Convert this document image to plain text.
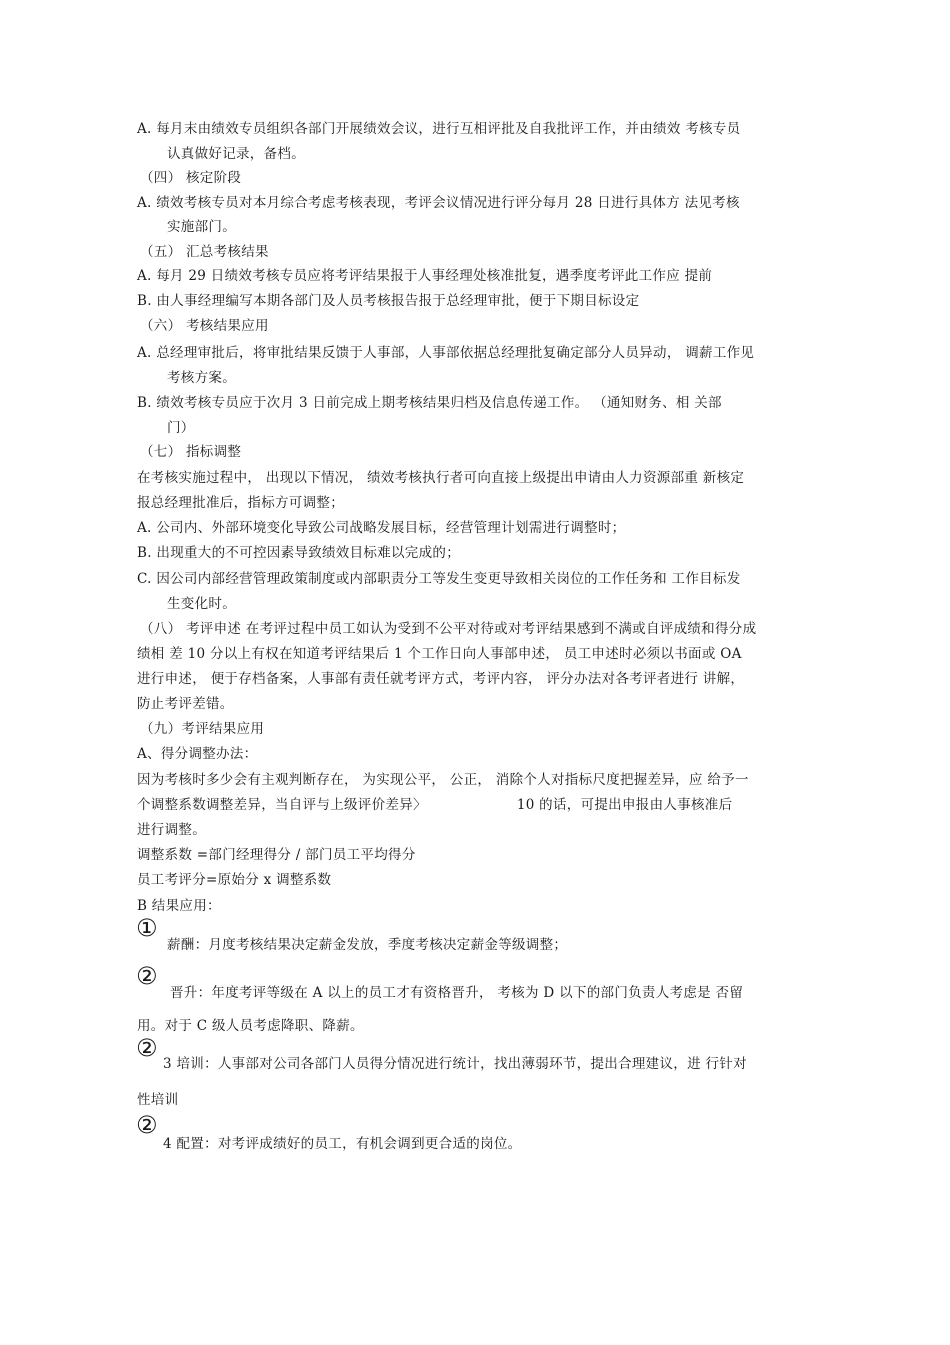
A. 每月末由绩效专员组织各部门开展绩效会议，进行互相评批及自我批评工作，并由绩效 考核专员
认真做好记录，备档。
（四） 核定阶段
A. 绩效考核专员对本月综合考虑考核表现，考评会议情况进行评分每月 28 日进行具体方 法见考核
实施部门。
（五） 汇总考核结果
A. 每月 29 日绩效考核专员应将考评结果报于人事经理处核准批复，遇季度考评此工作应 提前
B. 由人事经理编写本期各部门及人员考核报告报于总经理审批，便于下期目标设定
（六） 考核结果应用
A. 总经理审批后，将审批结果反馈于人事部，人事部依据总经理批复确定部分人员异动， 调薪工作见
考核方案。
B. 绩效考核专员应于次月 3 日前完成上期考核结果归档及信息传递工作。 （通知财务、相 关部
门）
（七） 指标调整
在考核实施过程中， 出现以下情况， 绩效考核执行者可向直接上级提出申请由人力资源部重 新核定
报总经理批准后，指标方可调整；
A. 公司内、外部环境变化导致公司战略发展目标，经营管理计划需进行调整时；
B. 出现重大的不可控因素导致绩效目标难以完成的；
C. 因公司内部经营管理政策制度或内部职责分工等发生变更导致相关岗位的工作任务和 工作目标发
生变化时。
（八） 考评申述 在考评过程中员工如认为受到不公平对待或对考评结果感到不满或自评成绩和得分成
绩相 差 10 分以上有权在知道考评结果后 1 个工作日向人事部申述， 员工申述时必须以书面或 OA
进行申述， 便于存档备案，人事部有责任就考评方式，考评内容， 评分办法对各考评者进行 讲解，
防止考评差错。
（九）考评结果应用
A、得分调整办法：
因为考核时多少会有主观判断存在， 为实现公平， 公正， 消除个人对指标尺度把握差异，应 给予一
个调整系数调整差异，当自评与上级评价差异〉	10 的话，可提出申报由人事核准后
进行调整。
调整系数 =部门经理得分 / 部门员工平均得分
员工考评分=原始分 x 调整系数
B 结果应用：
①
薪酬：月度考核结果决定薪金发放，季度考核决定薪金等级调整；
②
晋升：年度考评等级在 A 以上的员工才有资格晋升， 考核为 D 以下的部门负责人考虑是 否留
用。对于 C 级人员考虑降职、降薪。
②
3 培训：人事部对公司各部门人员得分情况进行统计，找出薄弱环节，提出合理建议，进 行针对
性培训
②
4 配置：对考评成绩好的员工，有机会调到更合适的岗位。
